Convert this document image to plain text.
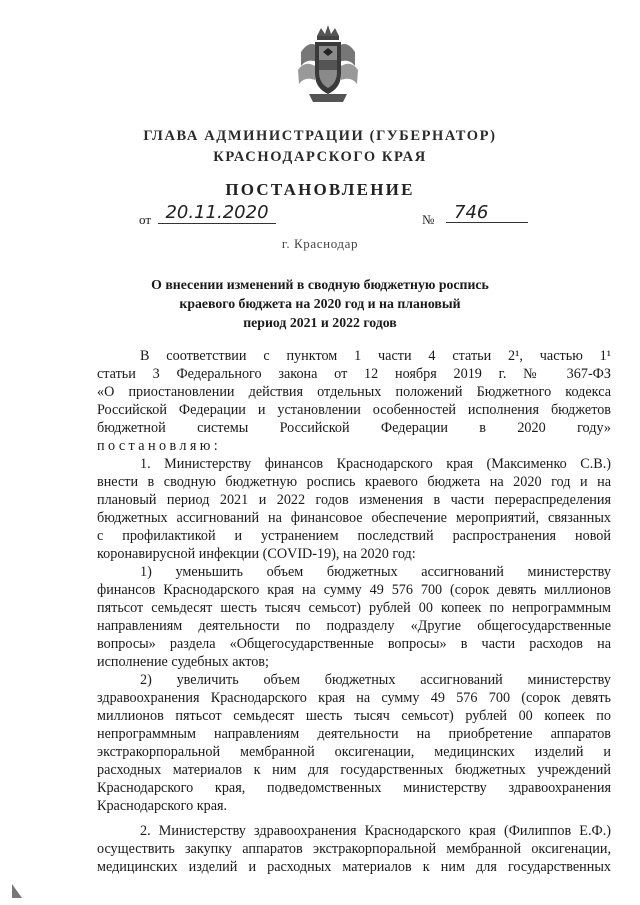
ГЛАВА АДМИНИСТРАЦИИ (ГУБЕРНАТОР)
КРАСНОДАРСКОГО КРАЯ
ПОСТАНОВЛЕНИЕ
от 20.11.2020	№	746
г. Краснодар
О внесении изменений в сводную бюджетную роспись
краевого бюджета на 2020 год и на плановый
период 2021 и 2022 годов
В соответствии с пунктом 1 части 4 статьи 2¹, частью 1¹
статьи 3 Федерального закона от 12 ноября 2019 г. № 367-ФЗ
«О приостановлении действия отдельных положений Бюджетного кодекса
Российской Федерации и установлении особенностей исполнения бюджетов
бюджетной системы Российской Федерации в 2020 году»
постановляю:
1. Министерству финансов Краснодарского края (Максименко С.В.)
внести в сводную бюджетную роспись краевого бюджета на 2020 год и на
плановый период 2021 и 2022 годов изменения в части перераспределения
бюджетных ассигнований на финансовое обеспечение мероприятий, связанных
с профилактикой и устранением последствий распространения новой
коронавирусной инфекции (COVID-19), на 2020 год:
1) уменьшить объем бюджетных ассигнований министерству
финансов Краснодарского края на сумму 49 576 700 (сорок девять миллионов
пятьсот семьдесят шесть тысяч семьсот) рублей 00 копеек по непрограммным
направлениям деятельности по подразделу «Другие общегосударственные
вопросы» раздела «Общегосударственные вопросы» в части расходов на
исполнение судебных актов;
2) увеличить объем бюджетных ассигнований министерству
здравоохранения Краснодарского края на сумму 49 576 700 (сорок девять
миллионов пятьсот семьдесят шесть тысяч семьсот) рублей 00 копеек по
непрограммным направлениям деятельности на приобретение аппаратов
экстракорпоральной мембранной оксигенации, медицинских изделий и
расходных материалов к ним для государственных бюджетных учреждений
Краснодарского края, подведомственных министерству здравоохранения
Краснодарского края.
2. Министерству здравоохранения Краснодарского края (Филиппов Е.Ф.)
осуществить закупку аппаратов экстракорпоральной мембранной оксигенации,
медицинских изделий и расходных материалов к ним для государственных
